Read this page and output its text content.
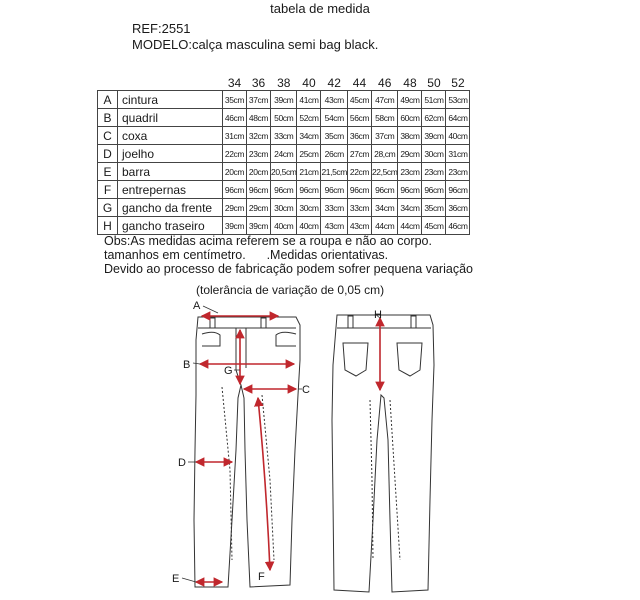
tabela de medida
REF:2551
MODELO:calça masculina semi bag black.
		34	36	38	40	42	44	46	48	50	52
A	cintura	35cm	37cm	39cm	41cm	43cm	45cm	47cm	49cm	51cm	53cm
B	quadril	46cm	48cm	50cm	52cm	54cm	56cm	58cm	60cm	62cm	64cm
C	coxa	31cm	32cm	33cm	34cm	35cm	36cm	37cm	38cm	39cm	40cm
D	joelho	22cm	23cm	24cm	25cm	26cm	27cm	28,cm	29cm	30cm	31cm
E	barra	20cm	20cm	20,5cm	21cm	21,5cm	22cm	22,5cm	23cm	23cm	23cm
F	entrepernas	96cm	96cm	96cm	96cm	96cm	96cm	96cm	96cm	96cm	96cm
G	gancho da frente	29cm	29cm	30cm	30cm	33cm	33cm	34cm	34cm	35cm	36cm
H	gancho traseiro	39cm	39cm	40cm	40cm	43cm	43cm	44cm	44cm	45cm	46cm
Obs:As medidas acima referem se a roupa e não ao corpo.
tamanhos em centímetro.      .Medidas orientativas.
Devido ao processo de fabricação podem sofrer pequena variação
(tolerância de variação de 0,05 cm)
A
B
C
D
E	F
G
H
